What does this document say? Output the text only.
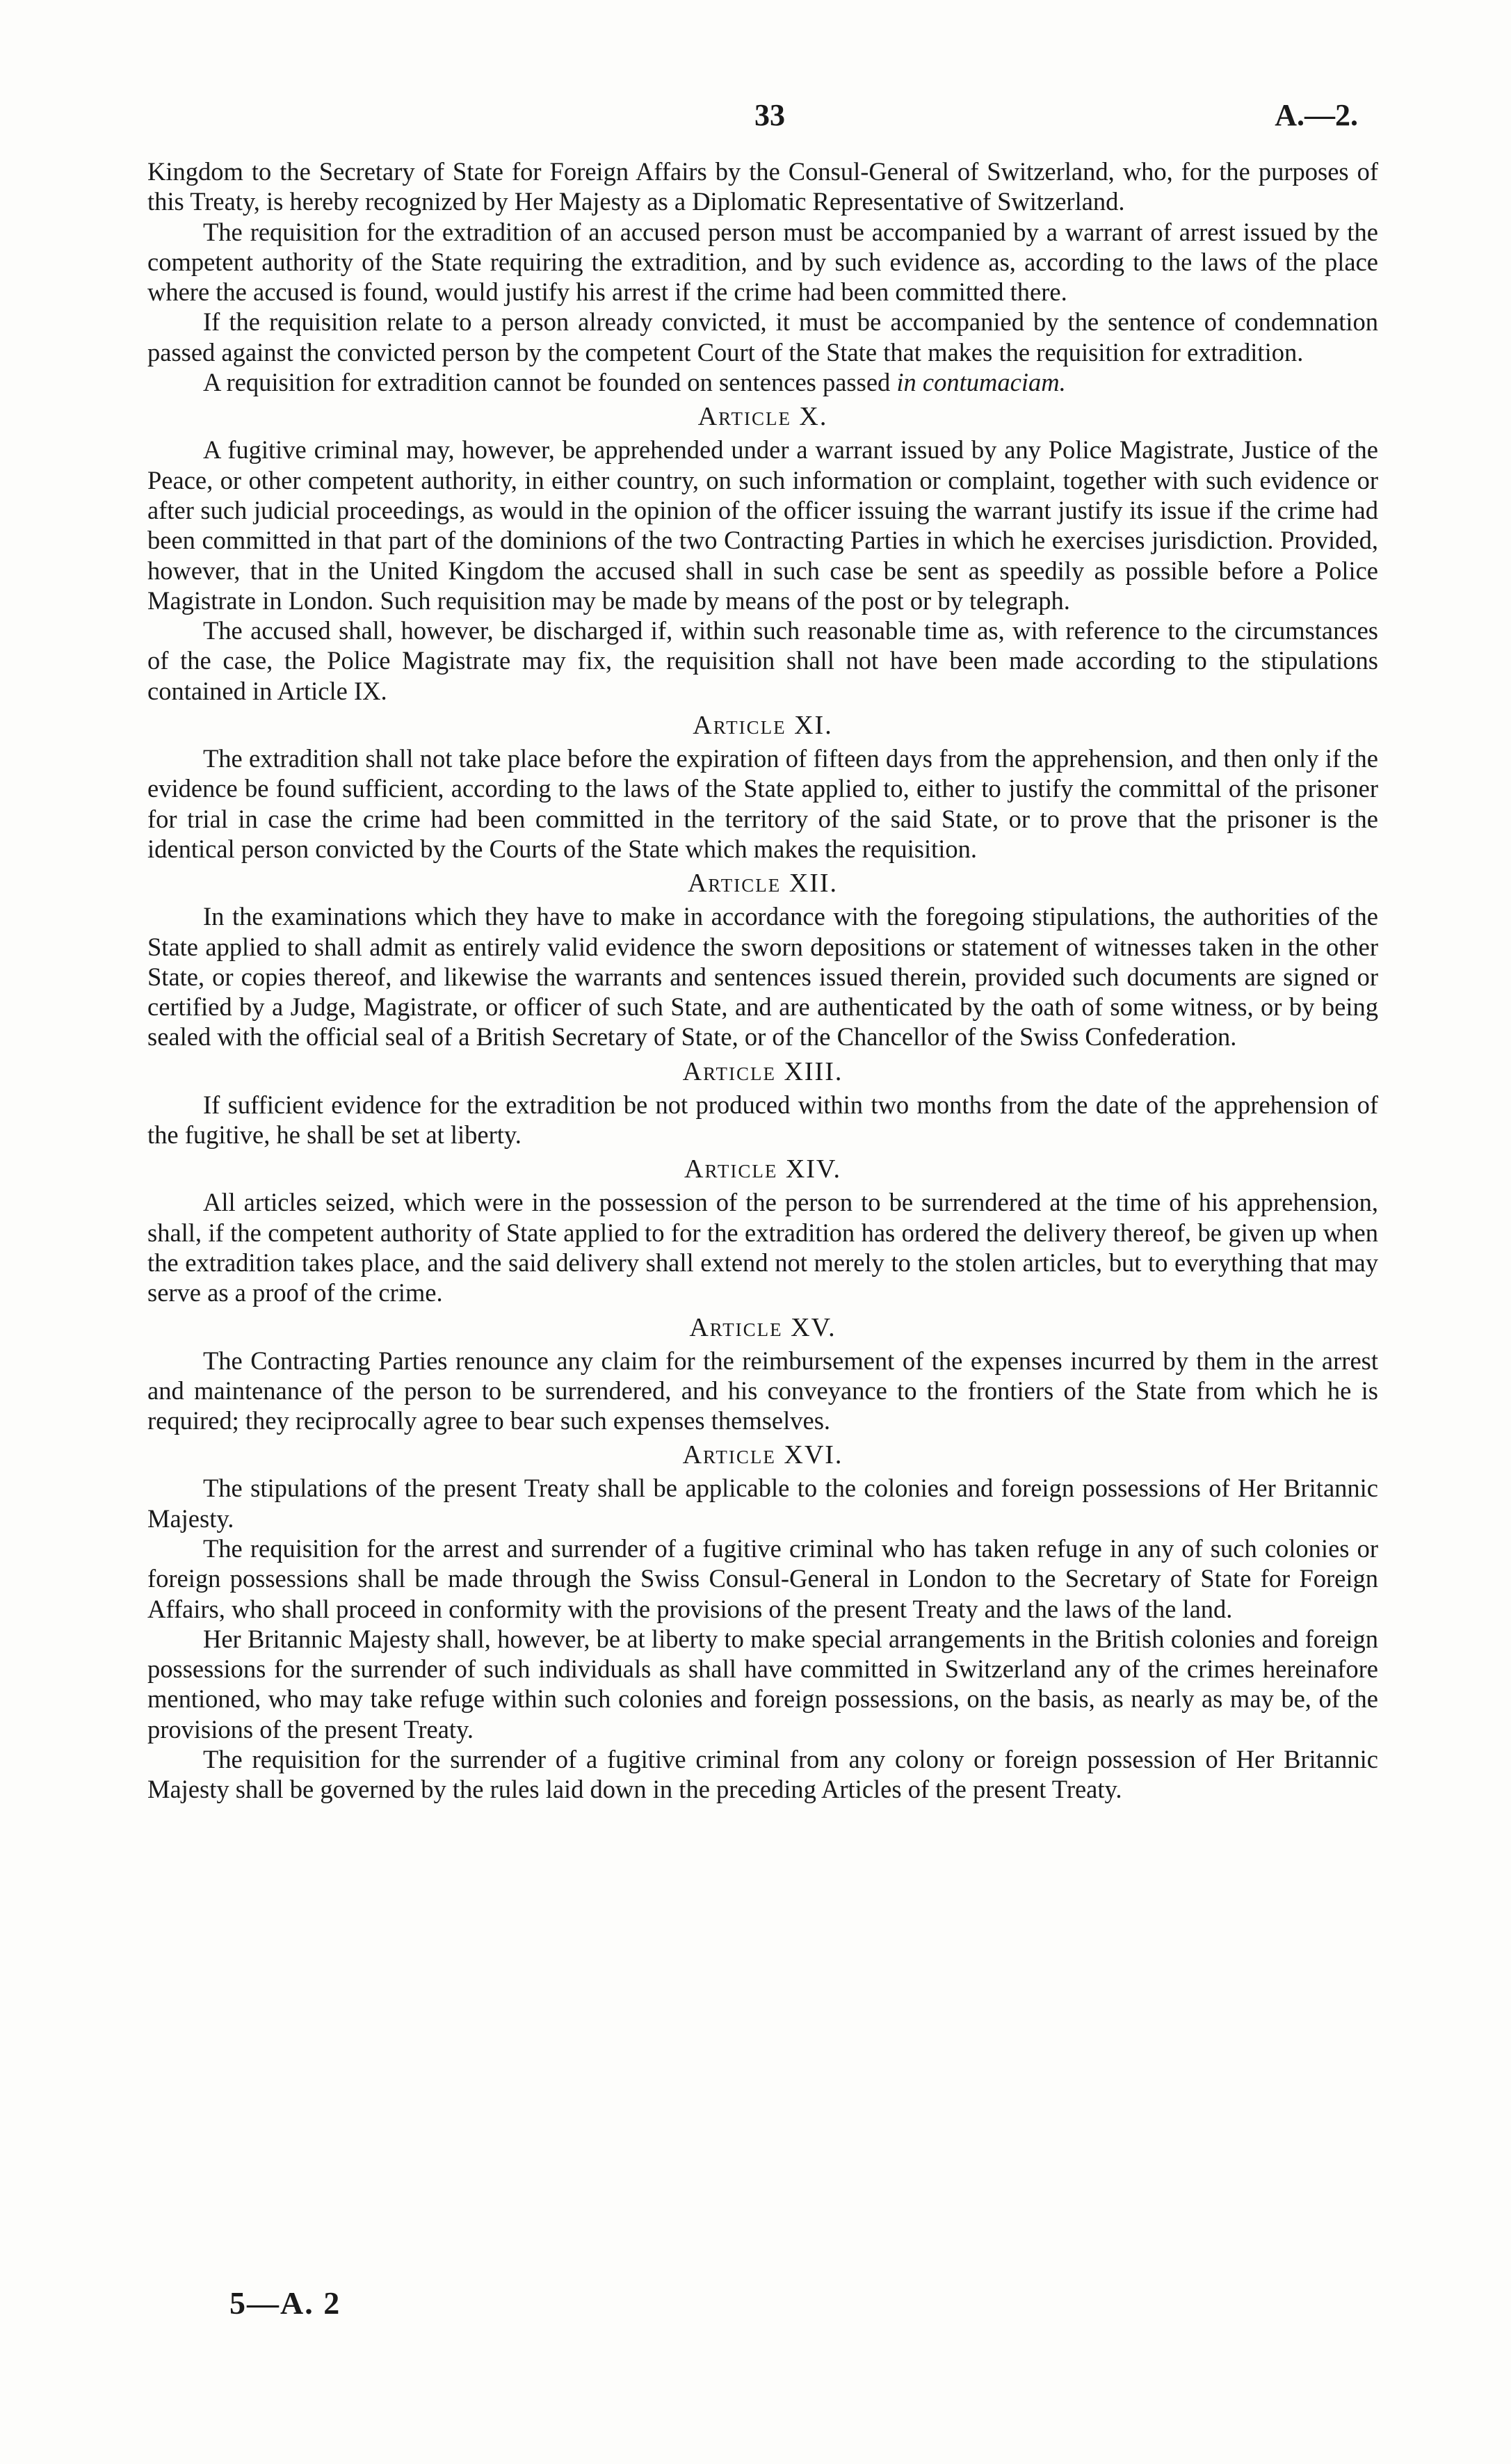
33	A.—2.

Kingdom to the Secretary of State for Foreign Affairs by the Consul-General of Switzerland, who, for the purposes of this Treaty, is hereby recognized by Her Majesty as a Diplomatic Representative of Switzerland.

The requisition for the extradition of an accused person must be accompanied by a warrant of arrest issued by the competent authority of the State requiring the extradition, and by such evidence as, according to the laws of the place where the accused is found, would justify his arrest if the crime had been committed there.

If the requisition relate to a person already convicted, it must be accompanied by the sentence of condemnation passed against the convicted person by the competent Court of the State that makes the requisition for extradition.

A requisition for extradition cannot be founded on sentences passed in contumaciam.

Article X.

A fugitive criminal may, however, be apprehended under a warrant issued by any Police Magistrate, Justice of the Peace, or other competent authority, in either country, on such information or complaint, together with such evidence or after such judicial proceedings, as would in the opinion of the officer issuing the warrant justify its issue if the crime had been committed in that part of the dominions of the two Contracting Parties in which he exercises jurisdiction. Provided, however, that in the United Kingdom the accused shall in such case be sent as speedily as possible before a Police Magistrate in London. Such requisition may be made by means of the post or by telegraph.

The accused shall, however, be discharged if, within such reasonable time as, with reference to the circumstances of the case, the Police Magistrate may fix, the requisition shall not have been made according to the stipulations contained in Article IX.

Article XI.

The extradition shall not take place before the expiration of fifteen days from the apprehension, and then only if the evidence be found sufficient, according to the laws of the State applied to, either to justify the committal of the prisoner for trial in case the crime had been committed in the territory of the said State, or to prove that the prisoner is the identical person convicted by the Courts of the State which makes the requisition.

Article XII.

In the examinations which they have to make in accordance with the foregoing stipulations, the authorities of the State applied to shall admit as entirely valid evidence the sworn depositions or statement of witnesses taken in the other State, or copies thereof, and likewise the warrants and sentences issued therein, provided such documents are signed or certified by a Judge, Magistrate, or officer of such State, and are authenticated by the oath of some witness, or by being sealed with the official seal of a British Secretary of State, or of the Chancellor of the Swiss Confederation.

Article XIII.

If sufficient evidence for the extradition be not produced within two months from the date of the apprehension of the fugitive, he shall be set at liberty.

Article XIV.

All articles seized, which were in the possession of the person to be surrendered at the time of his apprehension, shall, if the competent authority of State applied to for the extradition has ordered the delivery thereof, be given up when the extradition takes place, and the said delivery shall extend not merely to the stolen articles, but to everything that may serve as a proof of the crime.

Article XV.

The Contracting Parties renounce any claim for the reimbursement of the expenses incurred by them in the arrest and maintenance of the person to be surrendered, and his conveyance to the frontiers of the State from which he is required; they reciprocally agree to bear such expenses themselves.

Article XVI.

The stipulations of the present Treaty shall be applicable to the colonies and foreign possessions of Her Britannic Majesty.

The requisition for the arrest and surrender of a fugitive criminal who has taken refuge in any of such colonies or foreign possessions shall be made through the Swiss Consul-General in London to the Secretary of State for Foreign Affairs, who shall proceed in conformity with the provisions of the present Treaty and the laws of the land.

Her Britannic Majesty shall, however, be at liberty to make special arrangements in the British colonies and foreign possessions for the surrender of such individuals as shall have committed in Switzerland any of the crimes hereinafore mentioned, who may take refuge within such colonies and foreign possessions, on the basis, as nearly as may be, of the provisions of the present Treaty.

The requisition for the surrender of a fugitive criminal from any colony or foreign possession of Her Britannic Majesty shall be governed by the rules laid down in the preceding Articles of the present Treaty.

5—A. 2
